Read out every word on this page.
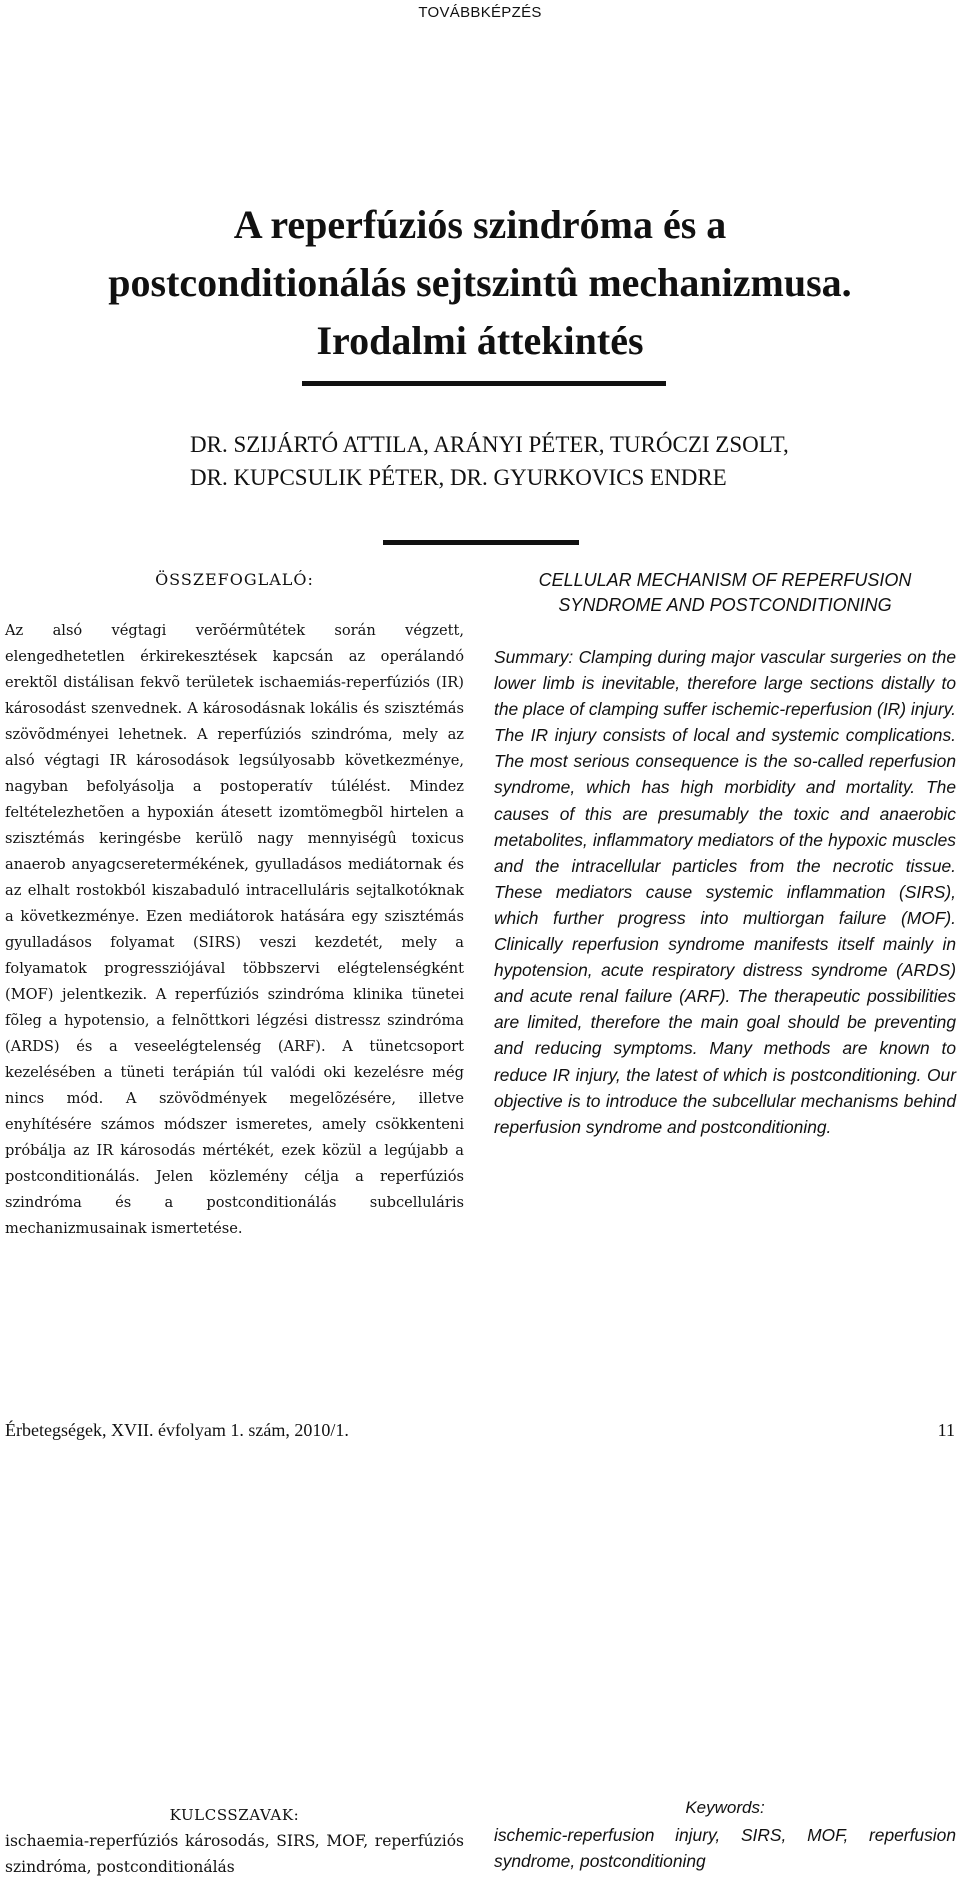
TOVÁBBKÉPZÉS
A reperfúziós szindróma és a
postconditionálás sejtszintû mechanizmusa.
Irodalmi áttekintés
DR. SZIJÁRTÓ ATTILA, ARÁNYI PÉTER, TURÓCZI ZSOLT,
DR. KUPCSULIK PÉTER, DR. GYURKOVICS ENDRE
ÖSSZEFOGLALÓ:

Az alsó végtagi verõérmûtétek során végzett, elengedhetetlen érkirekesztések kapcsán az operálandó erektõl distálisan fekvõ területek ischaemiás-reperfúziós (IR) károsodást szenvednek. A károsodásnak lokális és szisztémás szövõdményei lehetnek. A reperfúziós szindróma, mely az alsó végtagi IR károsodások legsúlyosabb következménye, nagyban befolyásolja a postoperatív túlélést. Mindez feltételezhetõen a hypoxián átesett izomtömegbõl hirtelen a szisztémás keringésbe kerülõ nagy mennyiségû toxicus anaerob anyagcseretermékének, gyulladásos mediátornak és az elhalt rostokból kiszabaduló intracelluláris sejtalkotóknak a következménye. Ezen mediátorok hatására egy szisztémás gyulladásos folyamat (SIRS) veszi kezdetét, mely a folyamatok progressziójával többszervi elégtelenségként (MOF) jelentkezik. A reperfúziós szindróma klinika tünetei fõleg a hypotensio, a felnõttkori légzési distressz szindróma (ARDS) és a veseelégtelenség (ARF). A tünetcsoport kezelésében a tüneti terápián túl valódi oki kezelésre még nincs mód. A szövõdmények megelõzésére, illetve enyhítésére számos módszer ismeretes, amely csökkenteni próbálja az IR károsodás mértékét, ezek közül a legújabb a postconditionálás. Jelen közlemény célja a reperfúziós szindróma és a postconditionálás subcelluláris mechanizmusainak ismertetése.

KULCSSZAVAK:
ischaemia-reperfúziós károsodás, SIRS, MOF, reperfúziós szindróma, postconditionálás
CELLULAR MECHANISM OF REPERFUSION
SYNDROME AND POSTCONDITIONING

Summary: Clamping during major vascular surgeries on the lower limb is inevitable, therefore large sections distally to the place of clamping suffer ischemic-reperfusion (IR) injury. The IR injury consists of local and systemic complications. The most serious consequence is the so-called reperfusion syndrome, which has high morbidity and mortality. The causes of this are presumably the toxic and anaerobic metabolites, inflammatory mediators of the hypoxic muscles and the intracellular particles from the necrotic tissue. These mediators cause systemic inflammation (SIRS), which further progress into multiorgan failure (MOF). Clinically reperfusion syndrome manifests itself mainly in hypotension, acute respiratory distress syndrome (ARDS) and acute renal failure (ARF). The therapeutic possibilities are limited, therefore the main goal should be preventing and reducing symptoms. Many methods are known to reduce IR injury, the latest of which is postconditioning. Our objective is to introduce the subcellular mechanisms behind reperfusion syndrome and postconditioning.

Keywords:
ischemic-reperfusion injury, SIRS, MOF, reperfusion syndrome, postconditioning
Érbetegségek, XVII. évfolyam 1. szám, 2010/1.	11
